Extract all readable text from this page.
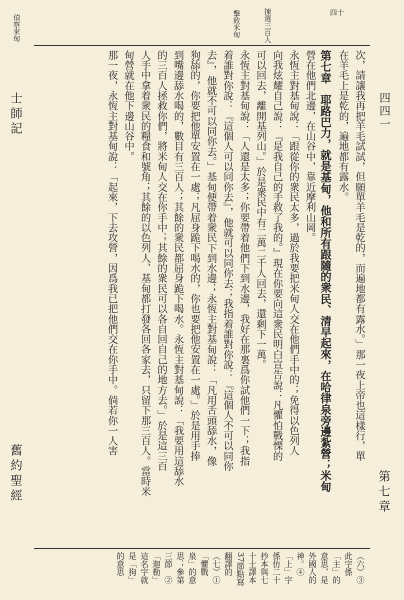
偵察來甸	揀選三百人
擊敗米甸	四十
士師記
舊約聖經	第七章
四四一
次，請讓我再把羊毛試試，但願單羊毛是乾的，而遍地都有露水。」那一夜上帝也這樣行，單
在羊毛上是乾的，遍地都有露水。
第七章　耶路巴力，就是基甸，他和所有跟隨的衆民、清早起來，在哈律泉旁邊紮營；米甸
營在他們北邊，在山谷中，靠近摩利山岡。
永恆主對基甸說：「跟從你的衆民太多，過於我要把米甸人交在他們手中的；免得以色列人
向我炫耀自己說：『是我自己的手救了我的。』現在你要向這衆民明白宣告說：凡懼怕戰慄的
可以回去，離開基列山。」於是衆民中有二萬二千人回去，還剩下一萬。
永恆主對基甸說：「人還是太多；你要帶着他們下到水邊，我好在那裏爲你試他們一下；我指
着誰對你說：『這個人可以同你去』，他就可以同你去；我指着誰對你說：『這個人不可以同你
去』，他就不可以同你去。」基甸便帶着衆民下到水邊；永恆主對基甸說：「凡用舌頭舔水，像
狗舔的，你要把他單安置在一處；凡屈身跪下喝水的，你也要把他安置在一處。」於是用手捧
到嘴邊舔水喝的，數目有三百人；其餘的衆民都屈身跪下喝水。永恆主對基甸說：「我要用這舔水
的三百人拯救你們，將米甸人交在你手中；其餘的衆民可以各自回自己的地方去。」於是這三百
人手中拿着衆民的糧食和號角；其餘的以色列人、基甸都打發各回各家去，只留下那三百人。當時米
甸營就在他下邊山谷中。
那一夜，永恆主對基甸說：「起來，下去攻營，因爲我已把他們交在你手中。倘若你一人害
（六）③此字係「主」的意思，是外國人的神。④「上」字係仿二十抄本與七十士譯本37節點寫翻譯的
（七）①「懼戰泉」的意思；參第三節　②「迦勒」這名字就是「狗」的意思
